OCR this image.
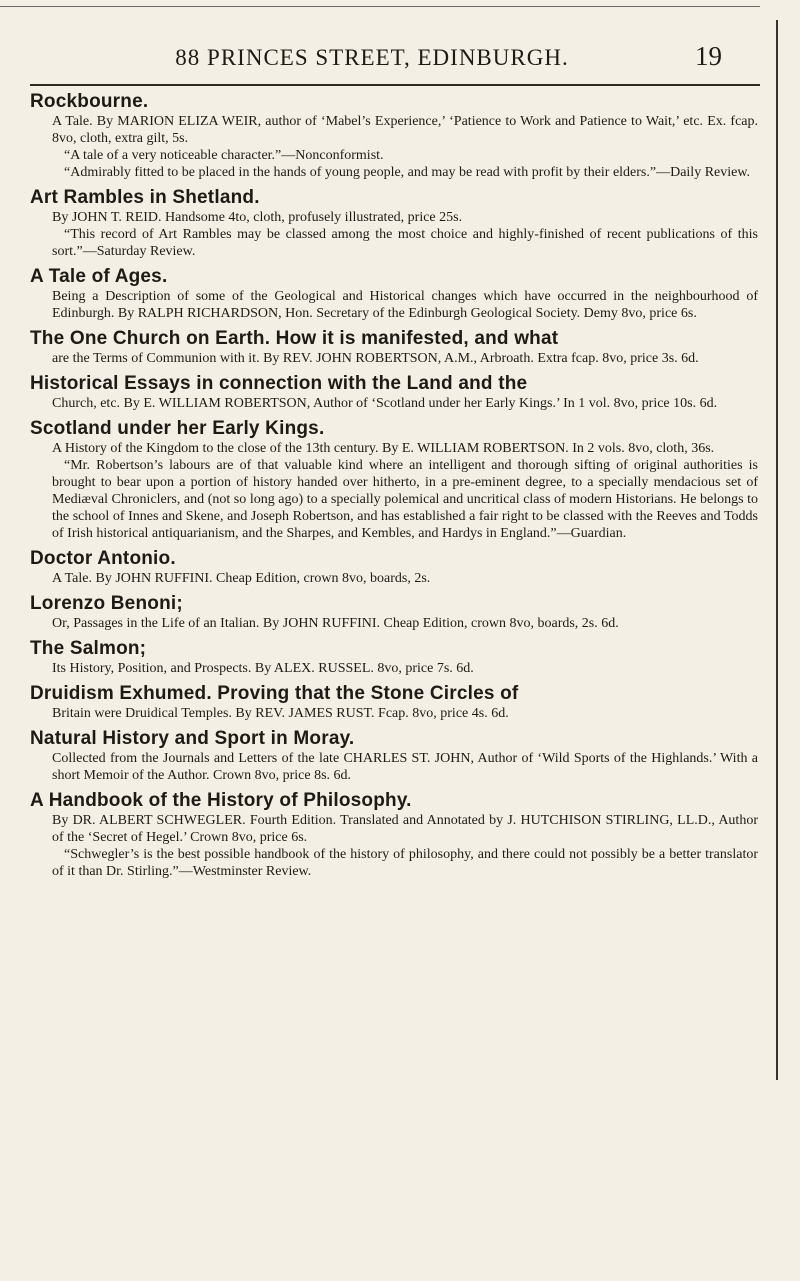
88 PRINCES STREET, EDINBURGH.	19

Rockbourne.

A Tale. By MARION ELIZA WEIR, author of ‘Mabel’s Experience,’ ‘Patience to Work and Patience to Wait,’ etc. Ex. fcap. 8vo, cloth, extra gilt, 5s.

“A tale of a very noticeable character.”—Nonconformist.

“Admirably fitted to be placed in the hands of young people, and may be read with profit by their elders.”—Daily Review.

Art Rambles in Shetland.

By JOHN T. REID. Handsome 4to, cloth, profusely illustrated, price 25s.

“This record of Art Rambles may be classed among the most choice and highly-finished of recent publications of this sort.”—Saturday Review.

A Tale of Ages.

Being a Description of some of the Geological and Historical changes which have occurred in the neighbourhood of Edinburgh. By RALPH RICHARDSON, Hon. Secretary of the Edinburgh Geological Society. Demy 8vo, price 6s.

The One Church on Earth. How it is manifested, and what

are the Terms of Communion with it. By REV. JOHN ROBERTSON, A.M., Arbroath. Extra fcap. 8vo, price 3s. 6d.

Historical Essays in connection with the Land and the

Church, etc. By E. WILLIAM ROBERTSON, Author of ‘Scotland under her Early Kings.’ In 1 vol. 8vo, price 10s. 6d.

Scotland under her Early Kings.

A History of the Kingdom to the close of the 13th century. By E. WILLIAM ROBERTSON. In 2 vols. 8vo, cloth, 36s.

“Mr. Robertson’s labours are of that valuable kind where an intelligent and thorough sifting of original authorities is brought to bear upon a portion of history handed over hitherto, in a pre-eminent degree, to a specially mendacious set of Mediæval Chroniclers, and (not so long ago) to a specially polemical and uncritical class of modern Historians. He belongs to the school of Innes and Skene, and Joseph Robertson, and has established a fair right to be classed with the Reeves and Todds of Irish historical antiquarianism, and the Sharpes, and Kembles, and Hardys in England.”—Guardian.

Doctor Antonio.

A Tale. By JOHN RUFFINI. Cheap Edition, crown 8vo, boards, 2s.

Lorenzo Benoni;

Or, Passages in the Life of an Italian. By JOHN RUFFINI. Cheap Edition, crown 8vo, boards, 2s. 6d.

The Salmon;

Its History, Position, and Prospects. By ALEX. RUSSEL. 8vo, price 7s. 6d.

Druidism Exhumed. Proving that the Stone Circles of

Britain were Druidical Temples. By REV. JAMES RUST. Fcap. 8vo, price 4s. 6d.

Natural History and Sport in Moray.

Collected from the Journals and Letters of the late CHARLES ST. JOHN, Author of ‘Wild Sports of the Highlands.’ With a short Memoir of the Author. Crown 8vo, price 8s. 6d.

A Handbook of the History of Philosophy.

By DR. ALBERT SCHWEGLER. Fourth Edition. Translated and Annotated by J. HUTCHISON STIRLING, LL.D., Author of the ‘Secret of Hegel.’ Crown 8vo, price 6s.

“Schwegler’s is the best possible handbook of the history of philosophy, and there could not possibly be a better translator of it than Dr. Stirling.”—Westminster Review.
